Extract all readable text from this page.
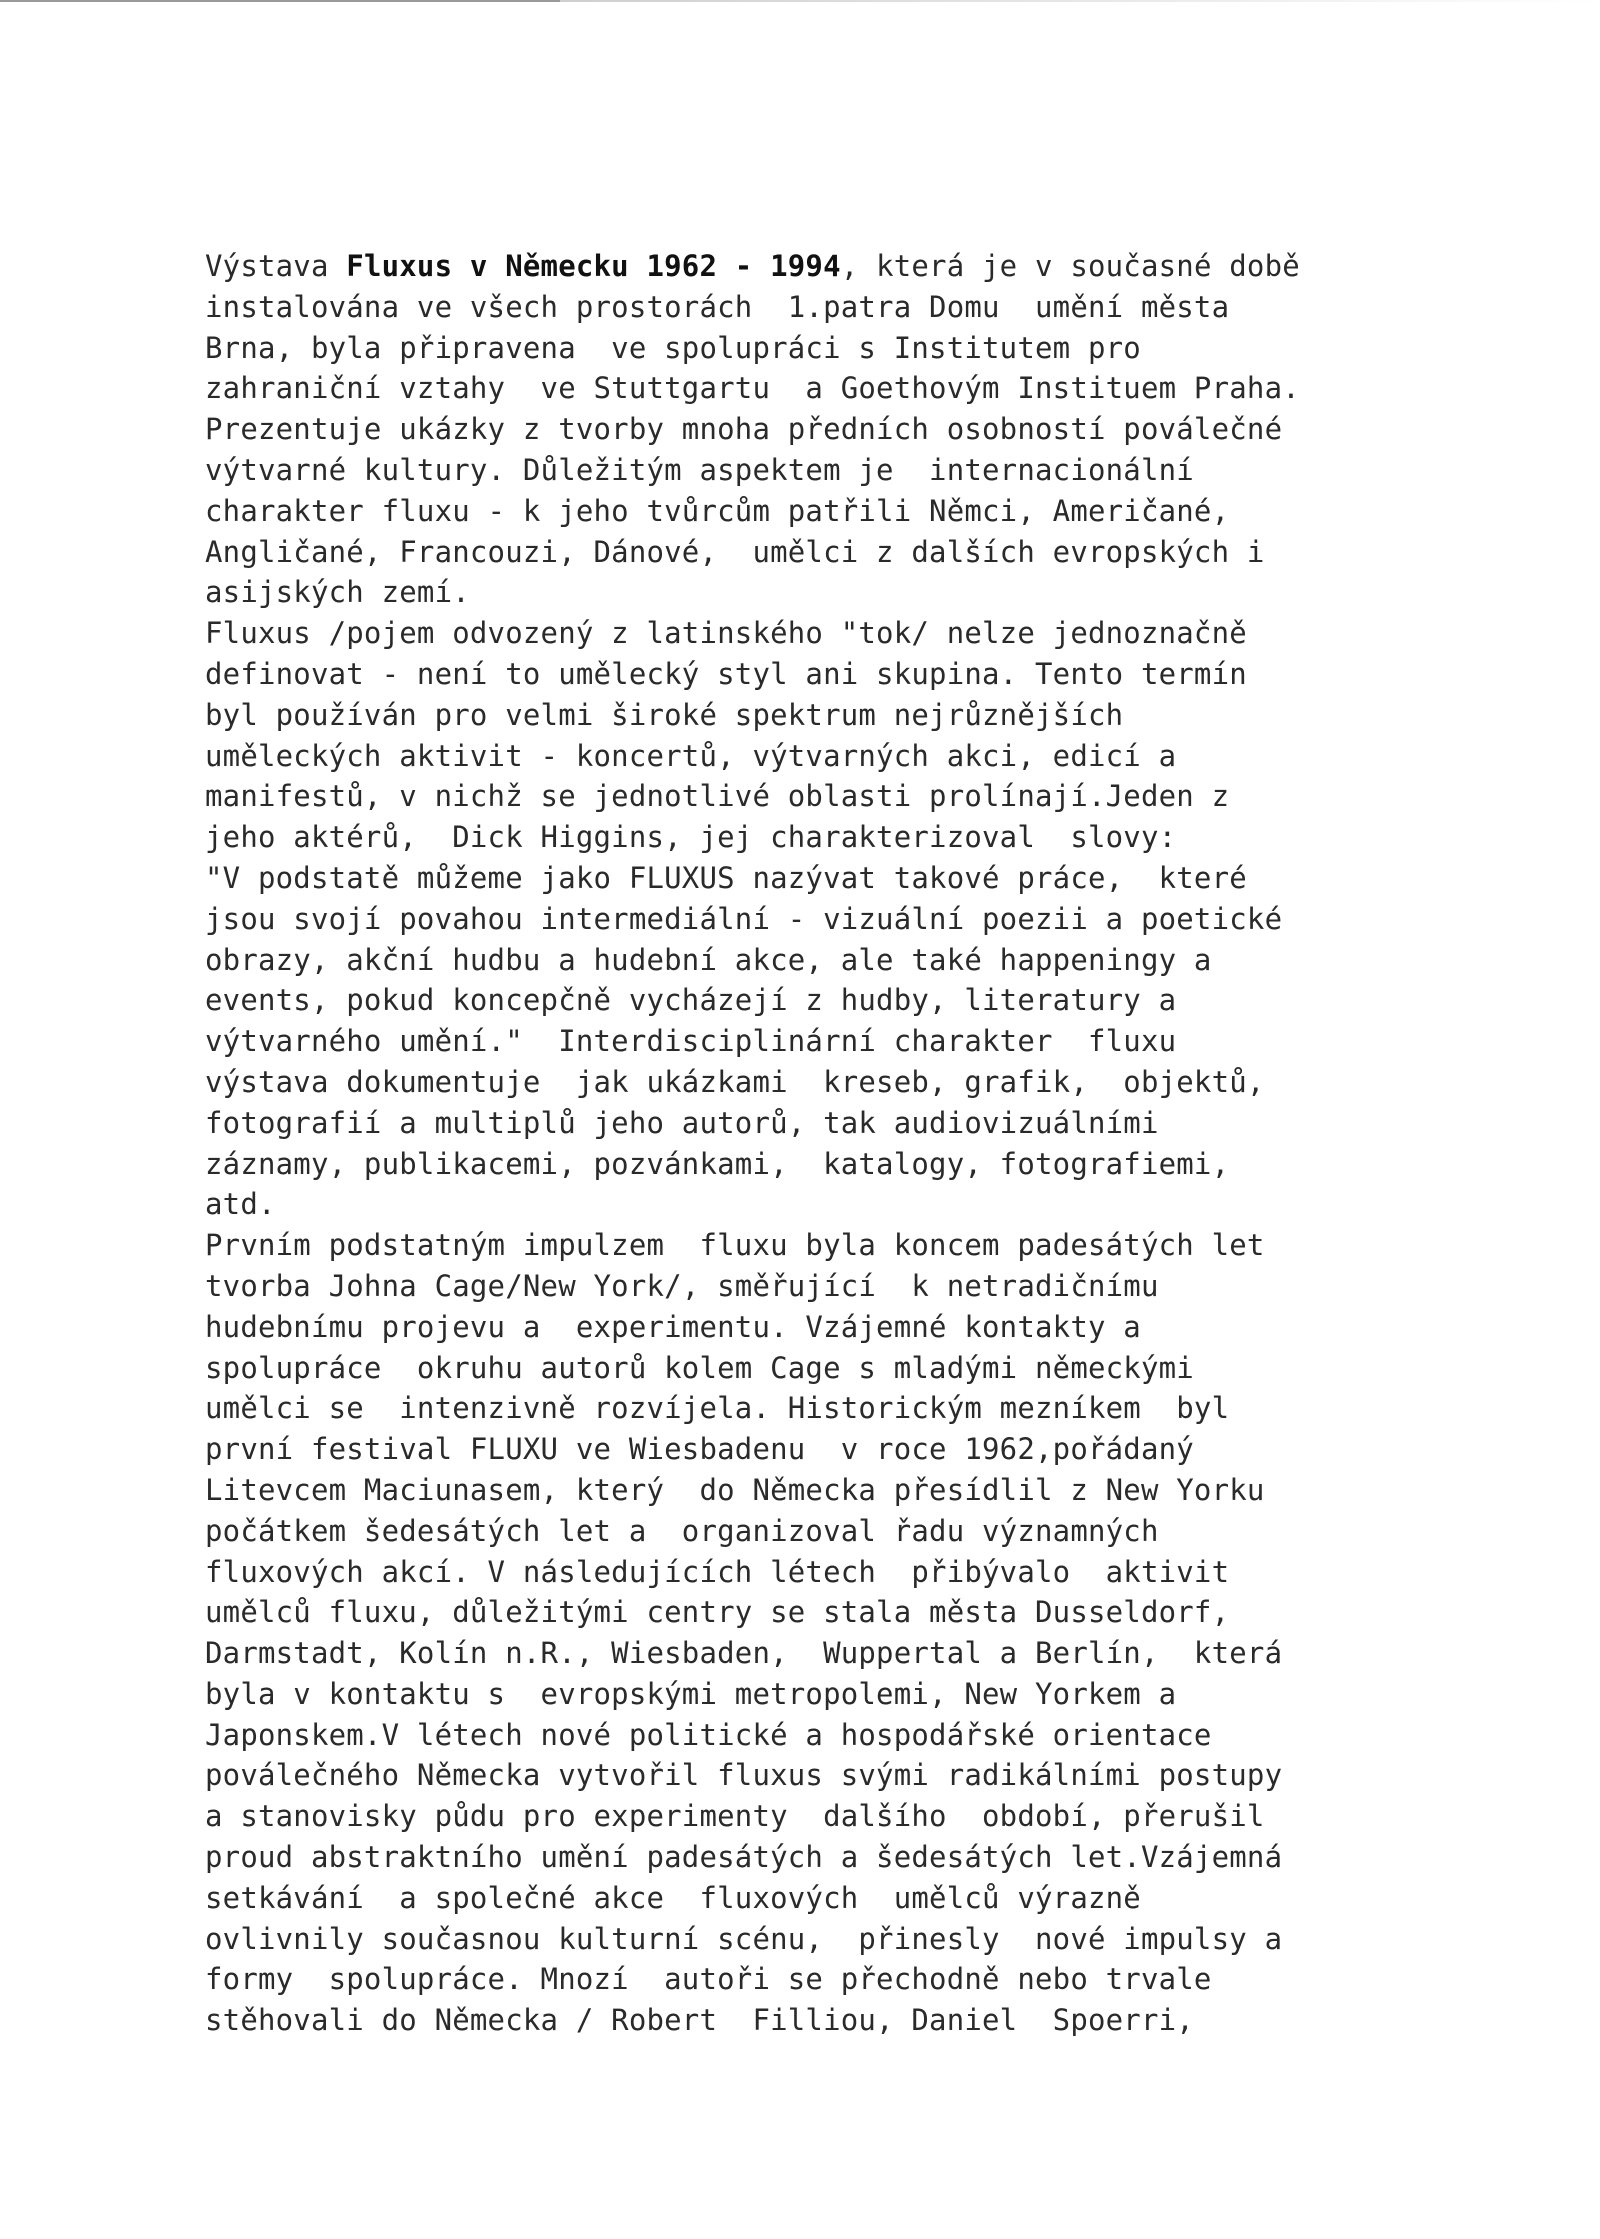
Výstava Fluxus v Německu 1962 - 1994, která je v současné době
instalována ve všech prostorách  1.patra Domu  umění města
Brna, byla připravena  ve spolupráci s Institutem pro
zahraniční vztahy  ve Stuttgartu  a Goethovým Instituem Praha.
Prezentuje ukázky z tvorby mnoha předních osobností poválečné
výtvarné kultury. Důležitým aspektem je  internacionální
charakter fluxu - k jeho tvůrcům patřili Němci, Američané,
Angličané, Francouzi, Dánové,  umělci z dalších evropských i
asijských zemí.
Fluxus /pojem odvozený z latinského "tok/ nelze jednoznačně
definovat - není to umělecký styl ani skupina. Tento termín
byl používán pro velmi široké spektrum nejrůznějších
uměleckých aktivit - koncertů, výtvarných akci, edicí a
manifestů, v nichž se jednotlivé oblasti prolínají.Jeden z
jeho aktérů,  Dick Higgins, jej charakterizoval  slovy:
"V podstatě můžeme jako FLUXUS nazývat takové práce,  které
jsou svojí povahou intermediální - vizuální poezii a poetické
obrazy, akční hudbu a hudební akce, ale také happeningy a
events, pokud koncepčně vycházejí z hudby, literatury a
výtvarného umění."  Interdisciplinární charakter  fluxu
výstava dokumentuje  jak ukázkami  kreseb, grafik,  objektů,
fotografií a multiplů jeho autorů, tak audiovizuálními
záznamy, publikacemi, pozvánkami,  katalogy, fotografiemi,
atd.
Prvním podstatným impulzem  fluxu byla koncem padesátých let
tvorba Johna Cage/New York/, směřující  k netradičnímu
hudebnímu projevu a  experimentu. Vzájemné kontakty a
spolupráce  okruhu autorů kolem Cage s mladými německými
umělci se  intenzivně rozvíjela. Historickým mezníkem  byl
první festival FLUXU ve Wiesbadenu  v roce 1962,pořádaný
Litevcem Maciunasem, který  do Německa přesídlil z New Yorku
počátkem šedesátých let a  organizoval řadu významných
fluxových akcí. V následujících létech  přibývalo  aktivit
umělců fluxu, důležitými centry se stala města Dusseldorf,
Darmstadt, Kolín n.R., Wiesbaden,  Wuppertal a Berlín,  která
byla v kontaktu s  evropskými metropolemi, New Yorkem a
Japonskem.V létech nové politické a hospodářské orientace
poválečného Německa vytvořil fluxus svými radikálními postupy
a stanovisky půdu pro experimenty  dalšího  období, přerušil
proud abstraktního umění padesátých a šedesátých let.Vzájemná
setkávání  a společné akce  fluxových  umělců výrazně
ovlivnily současnou kulturní scénu,  přinesly  nové impulsy a
formy  spolupráce. Mnozí  autoři se přechodně nebo trvale
stěhovali do Německa / Robert  Filliou, Daniel  Spoerri,
